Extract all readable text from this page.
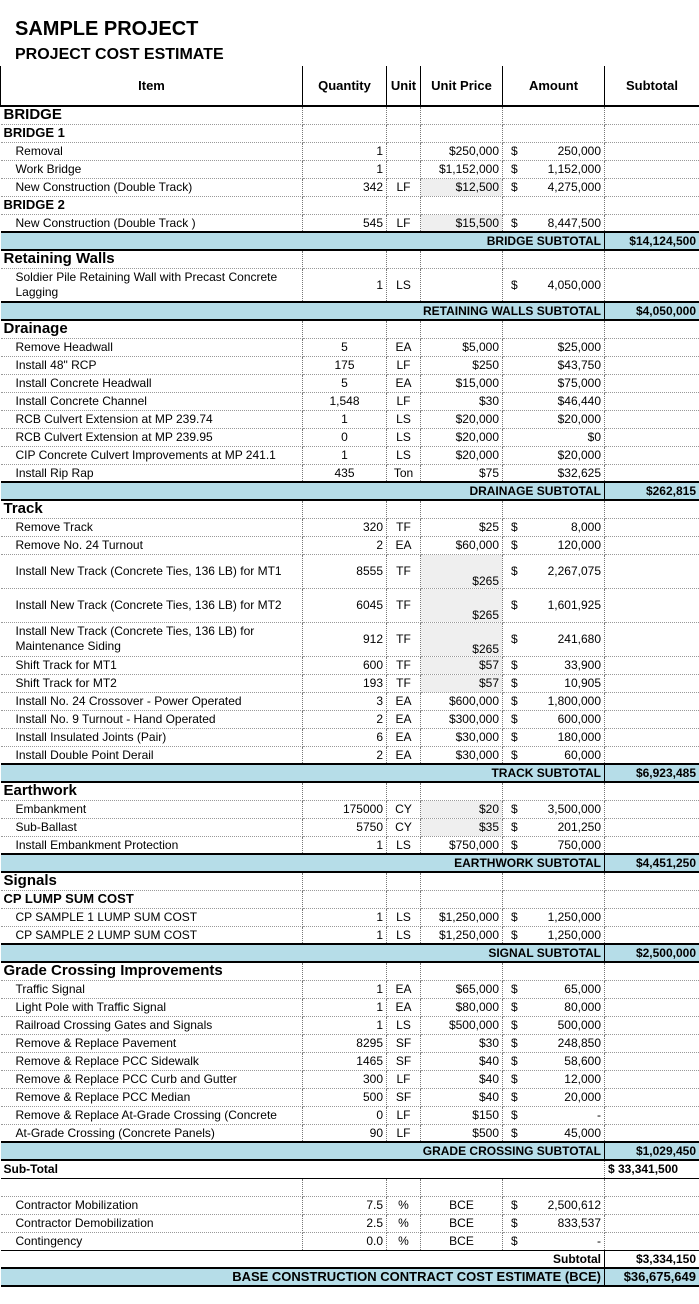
SAMPLE PROJECT
PROJECT COST ESTIMATE
Item	Quantity	Unit	Unit Price	Amount	Subtotal
BRIDGE					
BRIDGE 1					
Removal	1		$250,000	$ 250,000	
Work Bridge	1		$1,152,000	$ 1,152,000	
New Construction (Double Track)	342	LF	$12,500	$ 4,275,000	
BRIDGE 2					
New Construction (Double Track )	545	LF	$15,500	$ 8,447,500	
BRIDGE SUBTOTAL					$14,124,500
Retaining Walls					
Soldier Pile Retaining Wall with Precast Concrete Lagging	1	LS		$ 4,050,000	
RETAINING WALLS SUBTOTAL					$4,050,000
Drainage					
Remove Headwall	5	EA	$5,000	$25,000	
Install 48" RCP	175	LF	$250	$43,750	
Install Concrete Headwall	5	EA	$15,000	$75,000	
Install Concrete Channel	1,548	LF	$30	$46,440	
RCB Culvert Extension at MP 239.74	1	LS	$20,000	$20,000	
RCB Culvert Extension at MP 239.95	0	LS	$20,000	$0	
CIP Concrete Culvert Improvements at MP 241.1	1	LS	$20,000	$20,000	
Install Rip Rap	435	Ton	$75	$32,625	
DRAINAGE SUBTOTAL					$262,815
Track					
Remove Track	320	TF	$25	$ 8,000	
Remove No. 24 Turnout	2	EA	$60,000	$ 120,000	
Install New Track (Concrete Ties, 136 LB) for MT1	8555	TF	$265	$ 2,267,075	
Install New Track (Concrete Ties, 136 LB) for MT2	6045	TF	$265	$ 1,601,925	
Install New Track (Concrete Ties, 136 LB) for Maintenance Siding	912	TF	$265	$ 241,680	
Shift Track for MT1	600	TF	$57	$ 33,900	
Shift Track for MT2	193	TF	$57	$ 10,905	
Install No. 24 Crossover - Power Operated	3	EA	$600,000	$ 1,800,000	
Install No. 9 Turnout - Hand Operated	2	EA	$300,000	$ 600,000	
Install Insulated Joints (Pair)	6	EA	$30,000	$ 180,000	
Install Double Point Derail	2	EA	$30,000	$ 60,000	
TRACK SUBTOTAL					$6,923,485
Earthwork					
Embankment	175000	CY	$20	$ 3,500,000	
Sub-Ballast	5750	CY	$35	$ 201,250	
Install Embankment Protection	1	LS	$750,000	$ 750,000	
EARTHWORK SUBTOTAL					$4,451,250
Signals					
CP LUMP SUM COST					
CP SAMPLE 1 LUMP SUM COST	1	LS	$1,250,000	$ 1,250,000	
CP SAMPLE 2 LUMP SUM COST	1	LS	$1,250,000	$ 1,250,000	
SIGNAL SUBTOTAL					$2,500,000
Grade Crossing Improvements					
Traffic Signal	1	EA	$65,000	$ 65,000	
Light Pole with Traffic Signal	1	EA	$80,000	$ 80,000	
Railroad Crossing Gates and Signals	1	LS	$500,000	$ 500,000	
Remove & Replace Pavement	8295	SF	$30	$ 248,850	
Remove & Replace PCC Sidewalk	1465	SF	$40	$ 58,600	
Remove & Replace PCC Curb and Gutter	300	LF	$40	$ 12,000	
Remove & Replace PCC Median	500	SF	$40	$ 20,000	
Remove & Replace At-Grade Crossing (Concrete	0	LF	$150	$ -	
At-Grade Crossing (Concrete Panels)	90	LF	$500	$ 45,000	
GRADE CROSSING SUBTOTAL					$1,029,450
Sub-Total					$ 33,341,500

Contractor Mobilization	7.5	%	BCE	$ 2,500,612	
Contractor Demobilization	2.5	%	BCE	$ 833,537	
Contingency	0.0	%	BCE	$ -	
Subtotal					$3,334,150
BASE CONSTRUCTION CONTRACT COST ESTIMATE (BCE)					$36,675,649
